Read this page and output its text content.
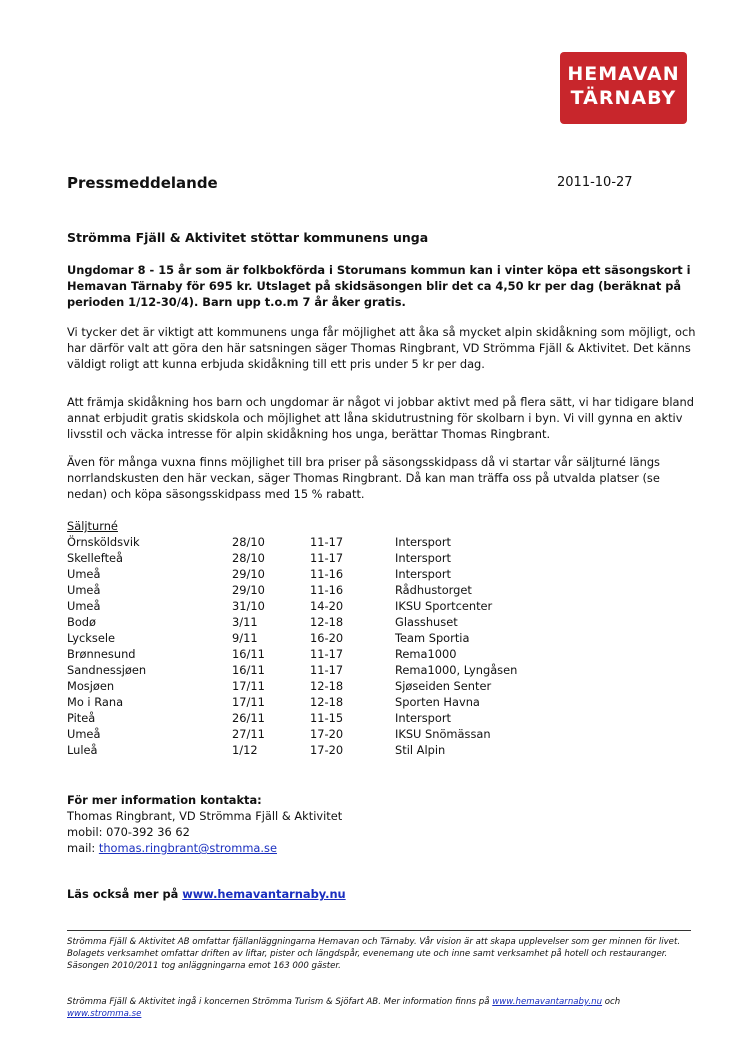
HEMAVAN
TÄRNABY
Pressmeddelande	2011-10-27
Strömma Fjäll & Aktivitet stöttar kommunens unga
Ungdomar 8 - 15 år som är folkbokförda i Storumans kommun kan i vinter köpa ett säsongskort i Hemavan Tärnaby för 695 kr. Utslaget på skidsäsongen blir det ca 4,50 kr per dag (beräknat på perioden 1/12-30/4). Barn upp t.o.m 7 år åker gratis.
Vi tycker det är viktigt att kommunens unga får möjlighet att åka så mycket alpin skidåkning som möjligt, och har därför valt att göra den här satsningen säger Thomas Ringbrant, VD Strömma Fjäll & Aktivitet. Det känns väldigt roligt att kunna erbjuda skidåkning till ett pris under 5 kr per dag.
Att främja skidåkning hos barn och ungdomar är något vi jobbar aktivt med på flera sätt, vi har tidigare bland annat erbjudit gratis skidskola och möjlighet att låna skidutrustning för skolbarn i byn. Vi vill gynna en aktiv livsstil och väcka intresse för alpin skidåkning hos unga, berättar Thomas Ringbrant.
Även för många vuxna finns möjlighet till bra priser på säsongsskidpass då vi startar vår säljturné längs norrlandskusten den här veckan, säger Thomas Ringbrant. Då kan man träffa oss på utvalda platser (se nedan) och köpa säsongsskidpass med 15 % rabatt.
Säljturné
Örnsköldsvik	28/10	11-17	Intersport
Skellefteå	28/10	11-17	Intersport
Umeå	29/10	11-16	Intersport
Umeå	29/10	11-16	Rådhustorget
Umeå	31/10	14-20	IKSU Sportcenter
Bodø	3/11	12-18	Glasshuset
Lycksele	9/11	16-20	Team Sportia
Brønnesund	16/11	11-17	Rema1000
Sandnessjøen	16/11	11-17	Rema1000, Lyngåsen
Mosjøen	17/11	12-18	Sjøseiden Senter
Mo i Rana	17/11	12-18	Sporten Havna
Piteå	26/11	11-15	Intersport
Umeå	27/11	17-20	IKSU Snömässan
Luleå	1/12	17-20	Stil Alpin
För mer information kontakta:
Thomas Ringbrant, VD Strömma Fjäll & Aktivitet
mobil: 070-392 36 62
mail: thomas.ringbrant@stromma.se
Läs också mer på www.hemavantarnaby.nu
Strömma Fjäll & Aktivitet AB omfattar fjällanläggningarna Hemavan och Tärnaby. Vår vision är att skapa upplevelser som ger minnen för livet. Bolagets verksamhet omfattar driften av liftar, pister och längdspår, evenemang ute och inne samt verksamhet på hotell och restauranger. Säsongen 2010/2011 tog anläggningarna emot 163 000 gäster.
Strömma Fjäll & Aktivitet ingå i koncernen Strömma Turism & Sjöfart AB. Mer information finns på www.hemavantarnaby.nu och www.stromma.se
